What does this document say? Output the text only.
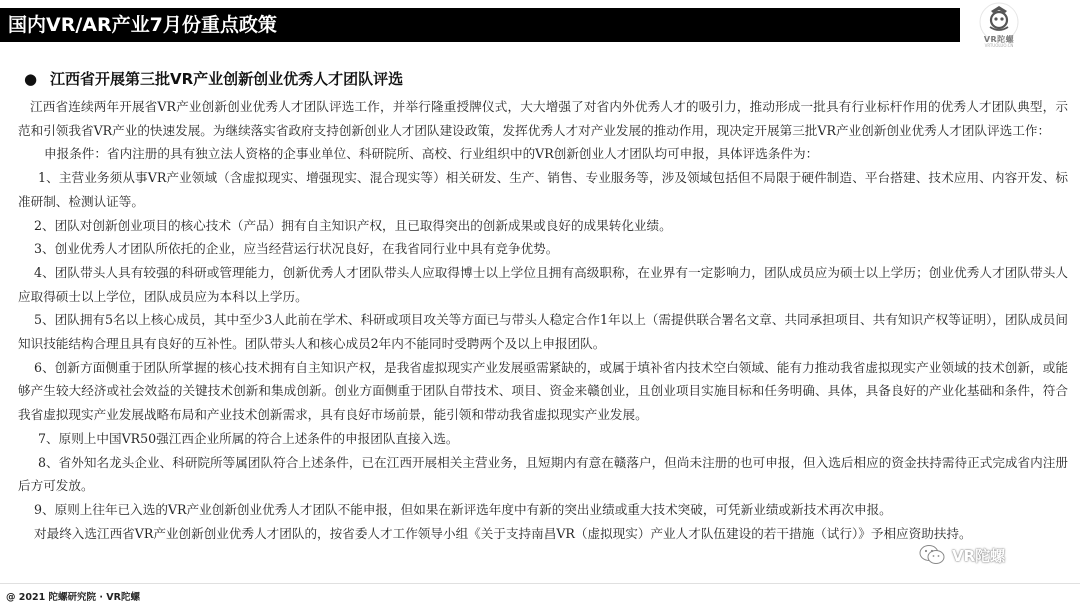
国内VR/AR产业7月份重点政策
VR陀螺
VRTUOLUO.CN
● 江西省开展第三批VR产业创新创业优秀人才团队评选

江西省连续两年开展省VR产业创新创业优秀人才团队评选工作，并举行隆重授牌仪式，大大增强了对省内外优秀人才的吸引力，推动形成一批具有行业标杆作用的优秀人才团队典型，示范和引领我省VR产业的快速发展。为继续落实省政府支持创新创业人才团队建设政策，发挥优秀人才对产业发展的推动作用，现决定开展第三批VR产业创新创业优秀人才团队评选工作：

申报条件：省内注册的具有独立法人资格的企事业单位、科研院所、高校、行业组织中的VR创新创业人才团队均可申报，具体评选条件为：

1、主营业务须从事VR产业领域（含虚拟现实、增强现实、混合现实等）相关研发、生产、销售、专业服务等，涉及领域包括但不局限于硬件制造、平台搭建、技术应用、内容开发、标准研制、检测认证等。

2、团队对创新创业项目的核心技术（产品）拥有自主知识产权，且已取得突出的创新成果或良好的成果转化业绩。

3、创业优秀人才团队所依托的企业，应当经营运行状况良好，在我省同行业中具有竞争优势。

4、团队带头人具有较强的科研或管理能力，创新优秀人才团队带头人应取得博士以上学位且拥有高级职称，在业界有一定影响力，团队成员应为硕士以上学历；创业优秀人才团队带头人应取得硕士以上学位，团队成员应为本科以上学历。

5、团队拥有5名以上核心成员，其中至少3人此前在学术、科研或项目攻关等方面已与带头人稳定合作1年以上（需提供联合署名文章、共同承担项目、共有知识产权等证明），团队成员间知识技能结构合理且具有良好的互补性。团队带头人和核心成员2年内不能同时受聘两个及以上申报团队。

6、创新方面侧重于团队所掌握的核心技术拥有自主知识产权，是我省虚拟现实产业发展亟需紧缺的，或属于填补省内技术空白领域、能有力推动我省虚拟现实产业领域的技术创新，或能够产生较大经济或社会效益的关键技术创新和集成创新。创业方面侧重于团队自带技术、项目、资金来赣创业，且创业项目实施目标和任务明确、具体，具备良好的产业化基础和条件，符合我省虚拟现实产业发展战略布局和产业技术创新需求，具有良好市场前景，能引领和带动我省虚拟现实产业发展。

7、原则上中国VR50强江西企业所属的符合上述条件的申报团队直接入选。

8、省外知名龙头企业、科研院所等属团队符合上述条件，已在江西开展相关主营业务，且短期内有意在赣落户，但尚未注册的也可申报，但入选后相应的资金扶持需待正式完成省内注册后方可发放。

9、原则上往年已入选的VR产业创新创业优秀人才团队不能申报，但如果在新评选年度中有新的突出业绩或重大技术突破，可凭新业绩或新技术再次申报。

对最终入选江西省VR产业创新创业优秀人才团队的，按省委人才工作领导小组《关于支持南昌VR（虚拟现实）产业人才队伍建设的若干措施（试行）》予相应资助扶持。

VR陀螺
@ 2021 陀螺研究院 · VR陀螺
